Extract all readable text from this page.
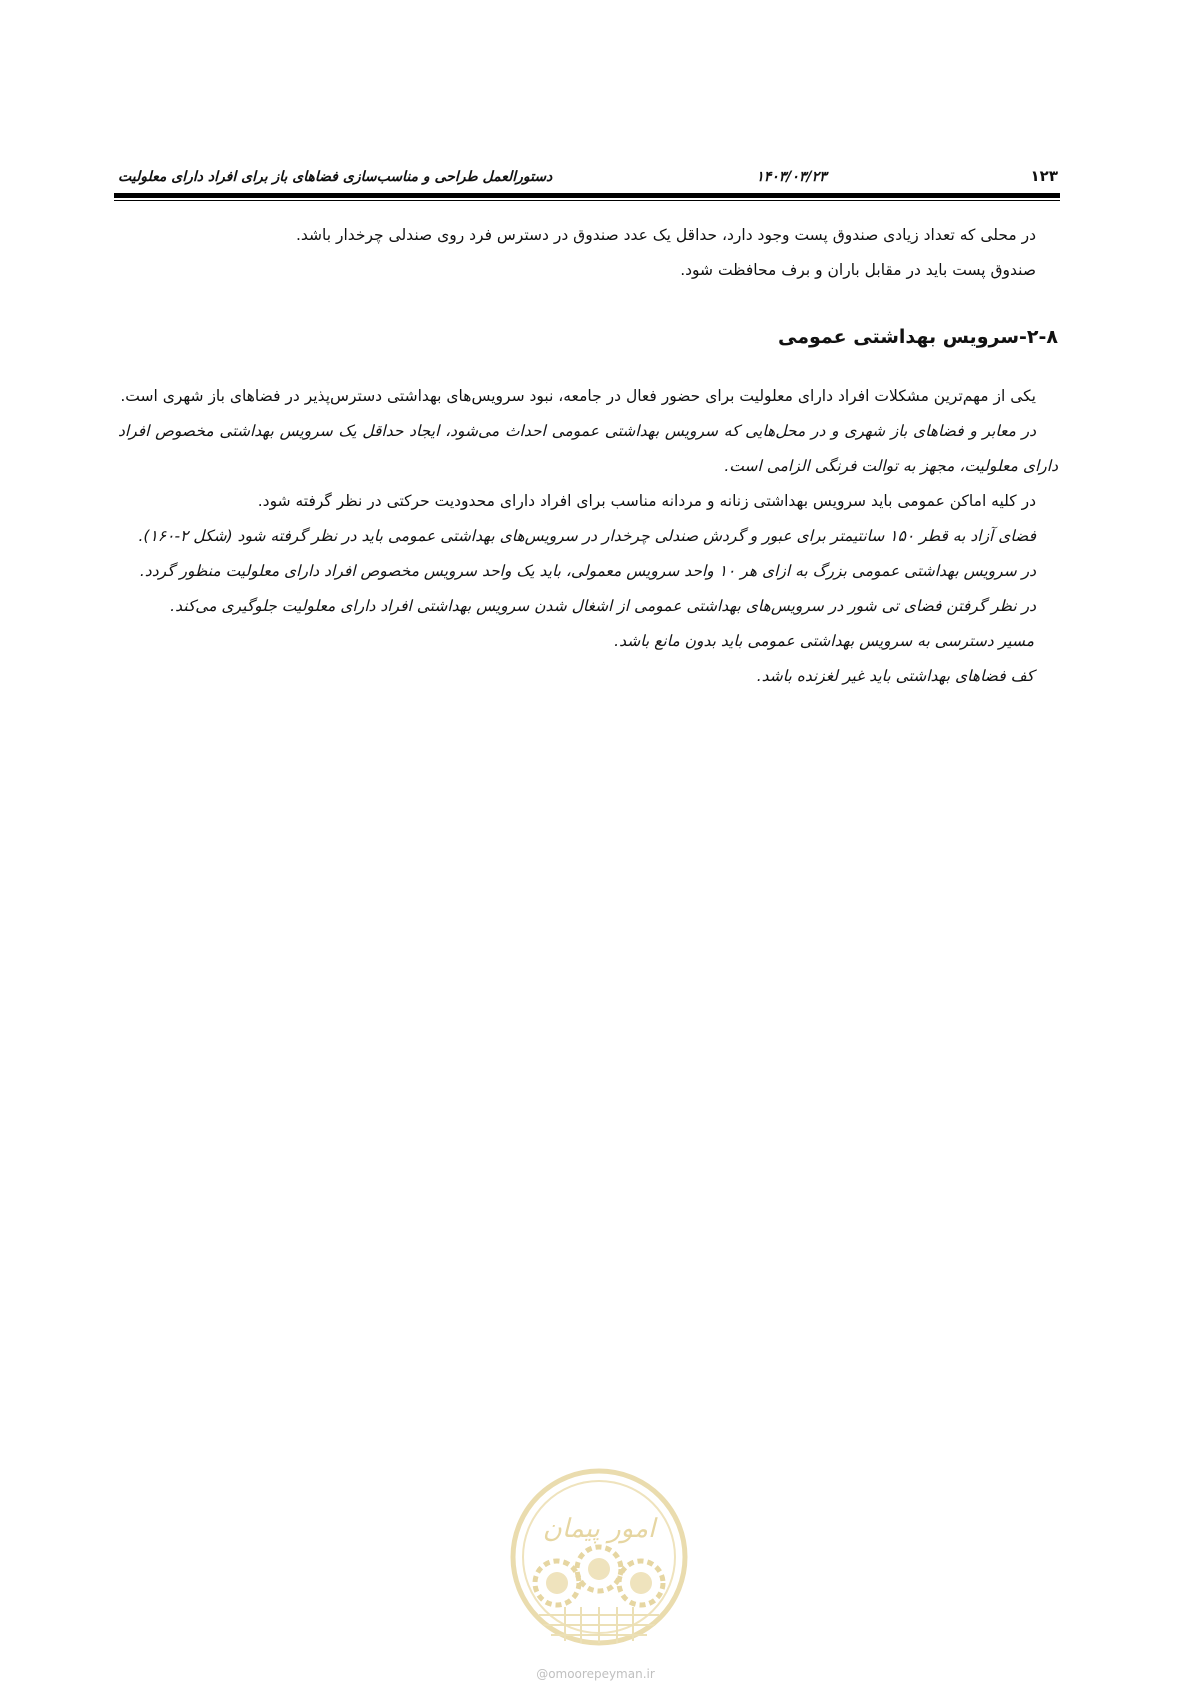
۱۲۳
۱۴۰۳/۰۳/۲۳
دستورالعمل طراحی و مناسب‌سازی فضاهای باز برای افراد دارای معلولیت

در محلی که تعداد زیادی صندوق پست وجود دارد، حداقل یک عدد صندوق در دسترس فرد روی صندلی چرخدار باشد.

صندوق پست باید در مقابل باران و برف محافظت شود.

۲-۸-سرویس بهداشتی عمومی

یکی از مهم‌ترین مشکلات افراد دارای معلولیت برای حضور فعال در جامعه، نبود سرویس‌های بهداشتی دسترس‌پذیر در فضاهای باز شهری است.

در معابر و فضاهای باز شهری و در محل‌هایی که سرویس بهداشتی عمومی احداث می‌شود، ایجاد حداقل یک سرویس بهداشتی مخصوص افراد دارای معلولیت، مجهز به توالت فرنگی الزامی است.

در کلیه اماکن عمومی باید سرویس بهداشتی زنانه و مردانه مناسب برای افراد دارای محدودیت حرکتی در نظر گرفته شود.

فضای آزاد به قطر ۱۵۰ سانتیمتر برای عبور و گردش صندلی چرخدار در سرویس‌های بهداشتی عمومی باید در نظر گرفته شود (شکل ۲-۱۶۰).

در سرویس بهداشتی عمومی بزرگ به ازای هر ۱۰ واحد سرویس معمولی، باید یک واحد سرویس مخصوص افراد دارای معلولیت منظور گردد.

در نظر گرفتن فضای تی شور در سرویس‌های بهداشتی عمومی از اشغال شدن سرویس بهداشتی افراد دارای معلولیت جلوگیری می‌کند.

مسیر دسترسی به سرویس بهداشتی عمومی باید بدون مانع باشد.

کف فضاهای بهداشتی باید غیر لغزنده باشد.

امور پیمان
@omoorepeyman.ir
